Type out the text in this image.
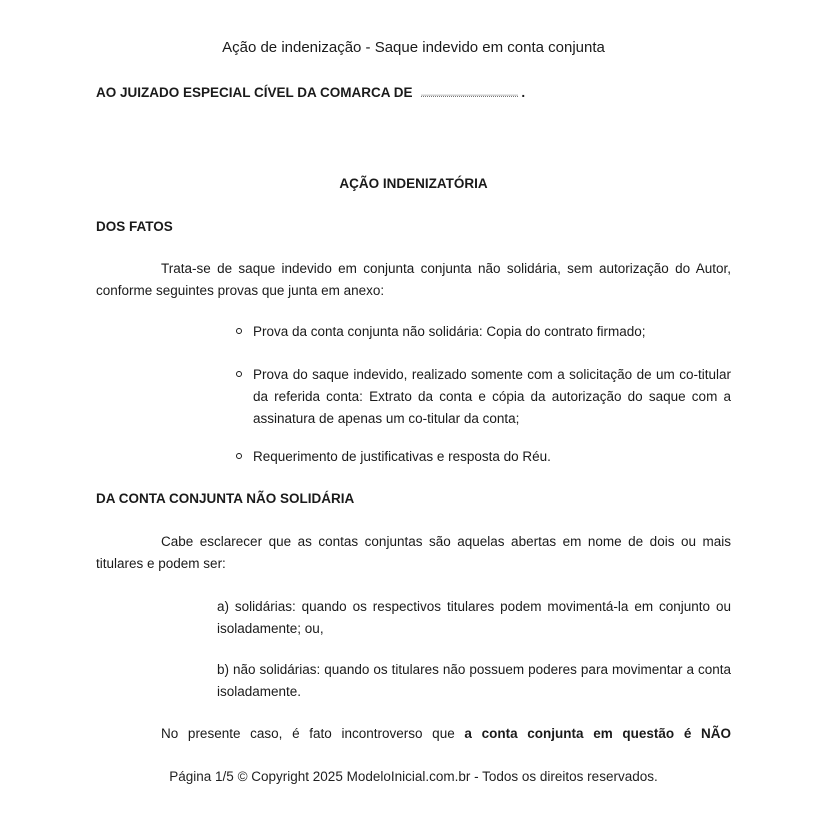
Ação de indenização - Saque indevido em conta conjunta
AO JUIZADO ESPECIAL CÍVEL DA COMARCA DE	.
AÇÃO INDENIZATÓRIA
DOS FATOS
Trata-se de saque indevido em conjunta conjunta não solidária, sem autorização do Autor, conforme seguintes provas que junta em anexo:
Prova da conta conjunta não solidária: Copia do contrato firmado;
Prova do saque indevido, realizado somente com a solicitação de um co-titular da referida conta: Extrato da conta e cópia da autorização do saque com a assinatura de apenas um co-titular da conta;
Requerimento de justificativas e resposta do Réu.
DA CONTA CONJUNTA NÃO SOLIDÁRIA
Cabe esclarecer que as contas conjuntas são aquelas abertas em nome de dois ou mais titulares e podem ser:
a) solidárias: quando os respectivos titulares podem movimentá-la em conjunto ou isoladamente; ou,
b) não solidárias: quando os titulares não possuem poderes para movimentar a conta isoladamente.
No presente caso, é fato incontroverso que a conta conjunta em questão é NÃO
Página 1/5 © Copyright 2025 ModeloInicial.com.br - Todos os direitos reservados.
